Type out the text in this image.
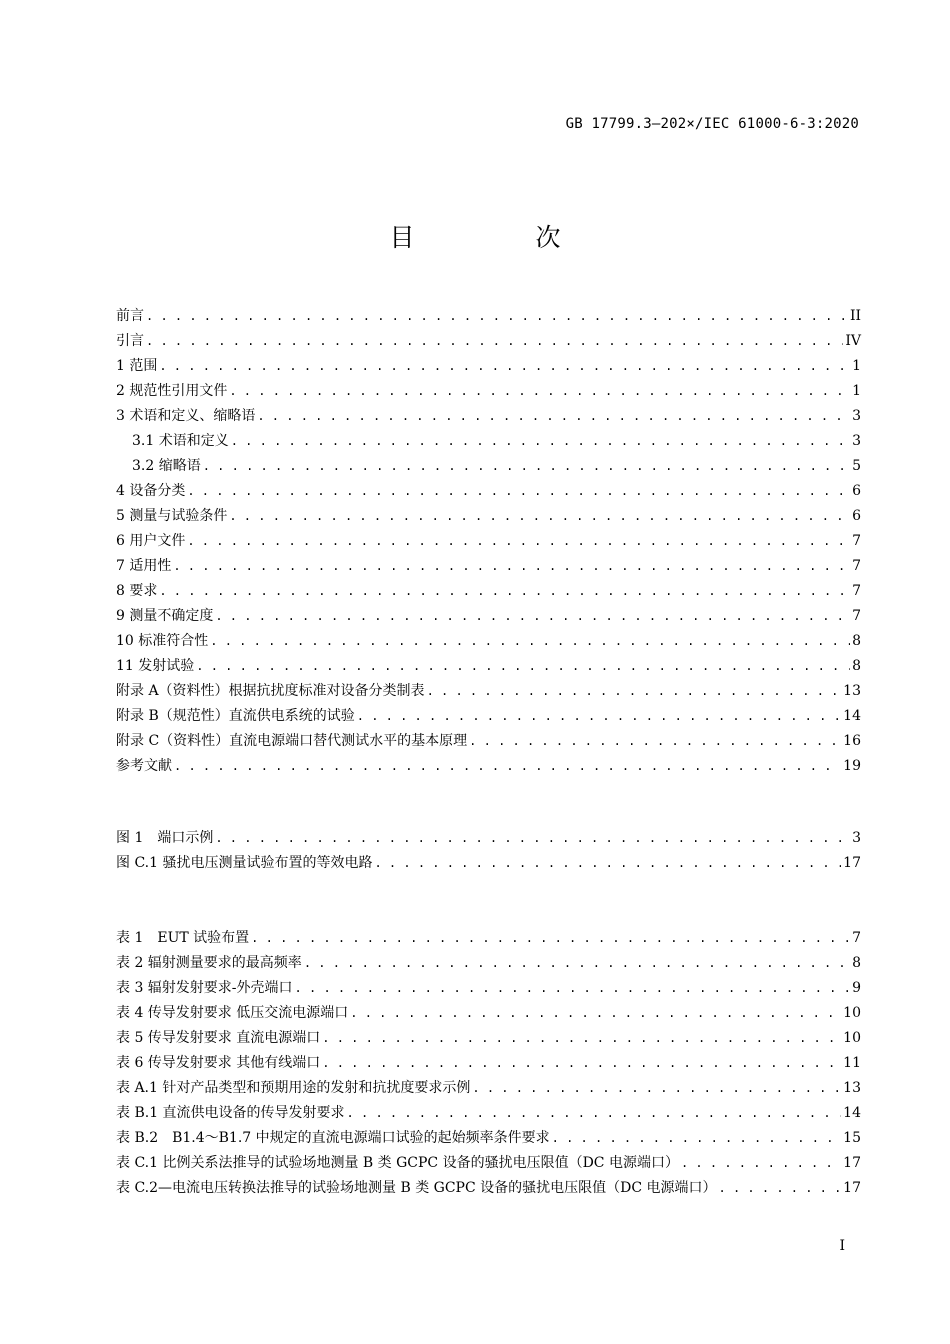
GB 17799.3—202×/IEC 61000-6-3:2020
目　次
前言 . . .	II
引言 . . .	IV
1 范围 . . .	1
2 规范性引用文件 . . .	1
3 术语和定义、缩略语 . . .	3
3.1 术语和定义 . . .	3
3.2 缩略语 . . .	5
4 设备分类 . . .	6
5 测量与试验条件 . . .	6
6 用户文件 . . .	7
7 适用性 . . .	7
8 要求 . . .	7
9 测量不确定度 . . .	7
10 标准符合性 . . .	8
11 发射试验 . . .	8
附录 A（资料性）根据抗扰度标准对设备分类制表 . . .	13
附录 B（规范性）直流供电系统的试验 . . .	14
附录 C（资料性）直流电源端口替代测试水平的基本原理 . . .	16
参考文献 . . .	19
图 1　端口示例 . . .	3
图 C.1 骚扰电压测量试验布置的等效电路 . . .	17
表 1　EUT 试验布置 . . .	7
表 2 辐射测量要求的最高频率 . . .	8
表 3 辐射发射要求-外壳端口 . . .	9
表 4 传导发射要求 低压交流电源端口 . . .	10
表 5 传导发射要求 直流电源端口 . . .	10
表 6 传导发射要求 其他有线端口 . . .	11
表 A.1 针对产品类型和预期用途的发射和抗扰度要求示例 . . .	13
表 B.1 直流供电设备的传导发射要求 . . .	14
表 B.2　B1.4～B1.7 中规定的直流电源端口试验的起始频率条件要求 . . .	15
表 C.1 比例关系法推导的试验场地测量 B 类 GCPC 设备的骚扰电压限值（DC 电源端口） . . .	17
表 C.2—电流电压转换法推导的试验场地测量 B 类 GCPC 设备的骚扰电压限值（DC 电源端口） . . .	17
I
